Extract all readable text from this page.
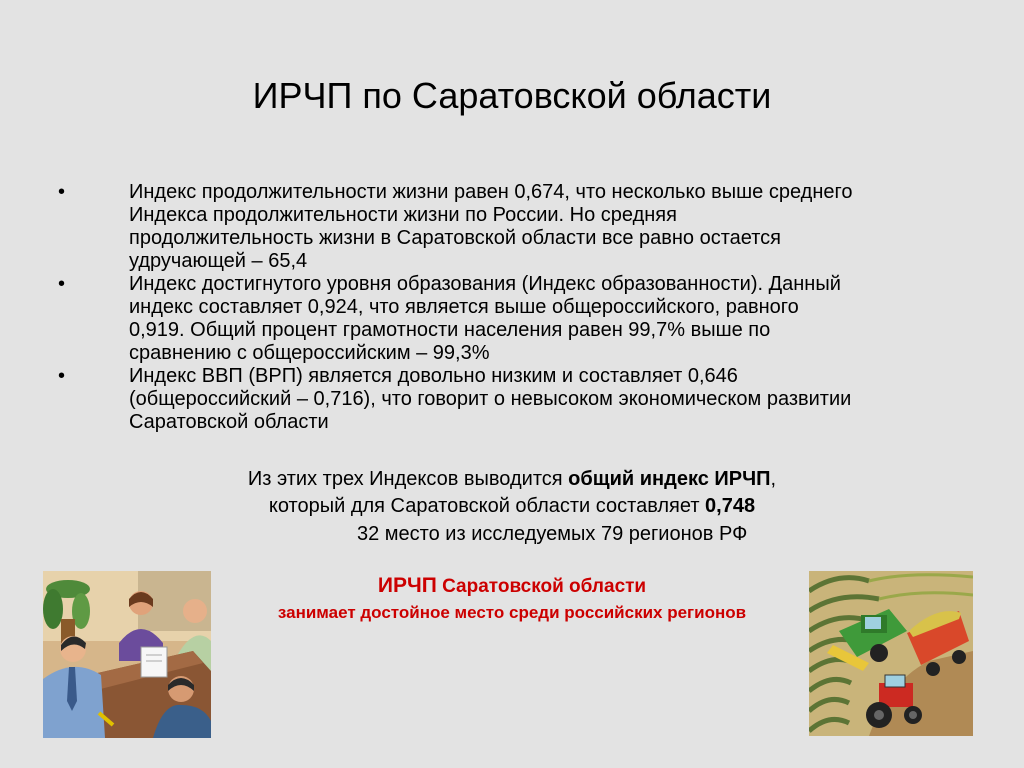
ИРЧП по Саратовской области
•	Индекс продолжительности жизни равен 0,674, что несколько выше среднего
Индекса продолжительности жизни по России. Но средняя
продолжительность жизни в Саратовской области все равно остается
удручающей – 65,4
•	Индекс достигнутого уровня образования (Индекс образованности). Данный
индекс составляет 0,924, что является выше общероссийского, равного
0,919. Общий процент грамотности населения равен 99,7% выше по
сравнению с общероссийским – 99,3%
•	Индекс ВВП (ВРП) является довольно низким и составляет 0,646
(общероссийский – 0,716), что говорит о невысоком экономическом развитии
Саратовской области
Из этих трех Индексов выводится общий индекс ИРЧП,
который для Саратовской области составляет 0,748
32 место из исследуемых 79 регионов РФ
ИРЧП Саратовской области
занимает достойное место среди российских регионов
